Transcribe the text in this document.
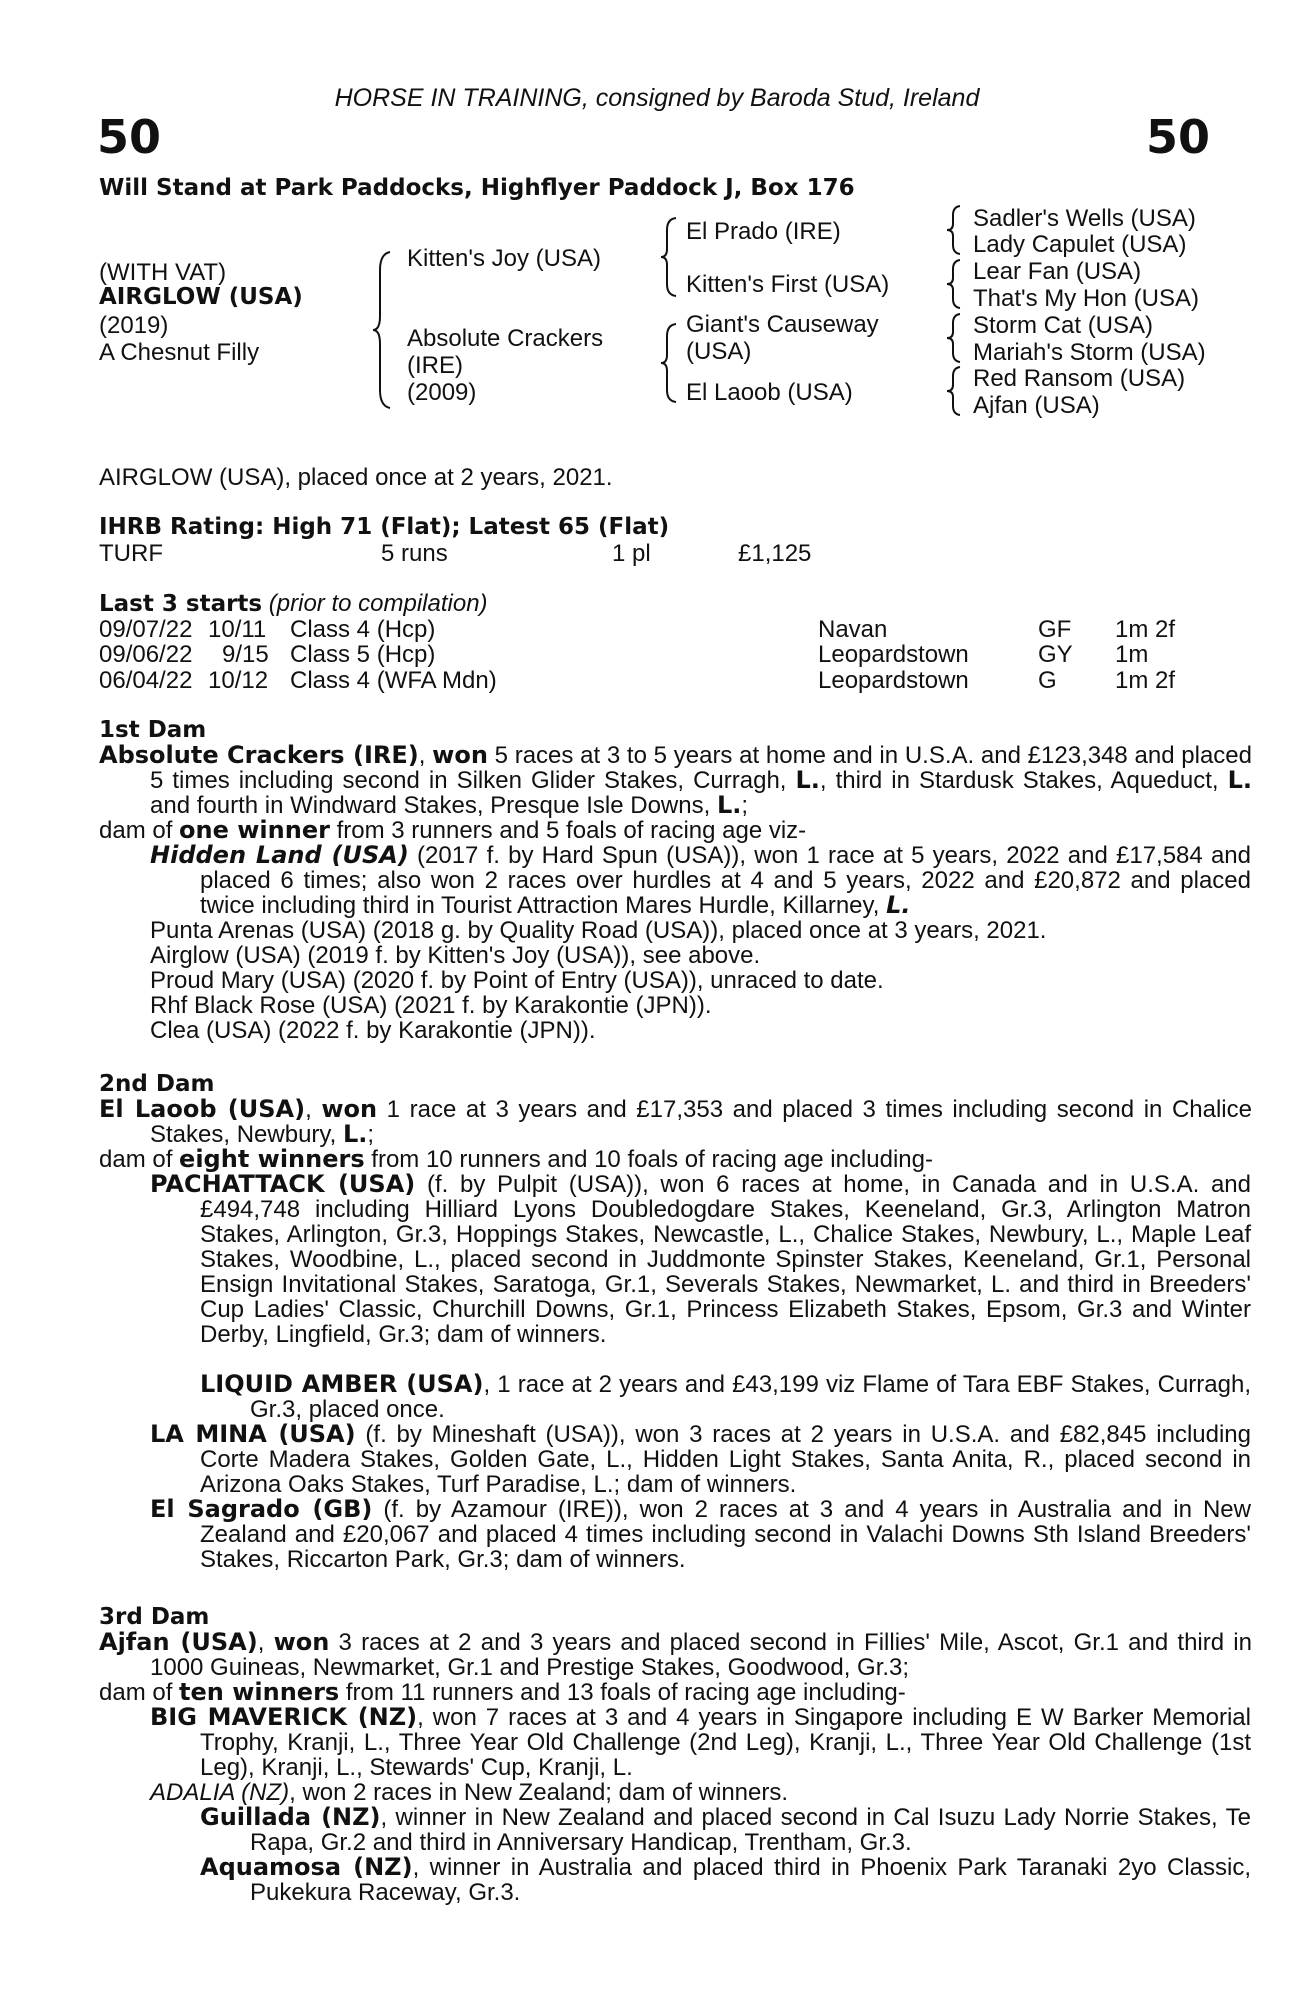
HORSE IN TRAINING, consigned by Baroda Stud, Ireland
50	50
Will Stand at Park Paddocks, Highflyer Paddock J, Box 176
(WITH VAT)
AIRGLOW (USA)
(2019)
A Chesnut Filly
Kitten's Joy (USA)
Absolute Crackers
(IRE)
(2009)
El Prado (IRE)
Kitten's First (USA)
Giant's Causeway
(USA)
El Laoob (USA)
Sadler's Wells (USA)
Lady Capulet (USA)
Lear Fan (USA)
That's My Hon (USA)
Storm Cat (USA)
Mariah's Storm (USA)
Red Ransom (USA)
Ajfan (USA)
AIRGLOW (USA), placed once at 2 years, 2021.
IHRB Rating: High 71 (Flat); Latest 65 (Flat)
TURF	5 runs	1 pl	£1,125
Last 3 starts (prior to compilation)
09/07/22 10/11 Class 4 (Hcp)	Navan	GF 1m 2f
09/06/22 9/15 Class 5 (Hcp)	Leopardstown	GY 1m
06/04/22 10/12 Class 4 (WFA Mdn)	Leopardstown	G 1m 2f
1st Dam
Absolute Crackers (IRE), won 5 races at 3 to 5 years at home and in U.S.A. and £123,348 and placed 5 times including second in Silken Glider Stakes, Curragh, L., third in Stardusk Stakes, Aqueduct, L. and fourth in Windward Stakes, Presque Isle Downs, L.;
dam of one winner from 3 runners and 5 foals of racing age viz-
Hidden Land (USA) (2017 f. by Hard Spun (USA)), won 1 race at 5 years, 2022 and £17,584 and placed 6 times; also won 2 races over hurdles at 4 and 5 years, 2022 and £20,872 and placed twice including third in Tourist Attraction Mares Hurdle, Killarney, L.
Punta Arenas (USA) (2018 g. by Quality Road (USA)), placed once at 3 years, 2021.
Airglow (USA) (2019 f. by Kitten's Joy (USA)), see above.
Proud Mary (USA) (2020 f. by Point of Entry (USA)), unraced to date.
Rhf Black Rose (USA) (2021 f. by Karakontie (JPN)).
Clea (USA) (2022 f. by Karakontie (JPN)).
2nd Dam
El Laoob (USA), won 1 race at 3 years and £17,353 and placed 3 times including second in Chalice Stakes, Newbury, L.;
dam of eight winners from 10 runners and 10 foals of racing age including-
PACHATTACK (USA) (f. by Pulpit (USA)), won 6 races at home, in Canada and in U.S.A. and £494,748 including Hilliard Lyons Doubledogdare Stakes, Keeneland, Gr.3, Arlington Matron Stakes, Arlington, Gr.3, Hoppings Stakes, Newcastle, L., Chalice Stakes, Newbury, L., Maple Leaf Stakes, Woodbine, L., placed second in Juddmonte Spinster Stakes, Keeneland, Gr.1, Personal Ensign Invitational Stakes, Saratoga, Gr.1, Severals Stakes, Newmarket, L. and third in Breeders' Cup Ladies' Classic, Churchill Downs, Gr.1, Princess Elizabeth Stakes, Epsom, Gr.3 and Winter Derby, Lingfield, Gr.3; dam of winners.
LIQUID AMBER (USA), 1 race at 2 years and £43,199 viz Flame of Tara EBF Stakes, Curragh, Gr.3, placed once.
LA MINA (USA) (f. by Mineshaft (USA)), won 3 races at 2 years in U.S.A. and £82,845 including Corte Madera Stakes, Golden Gate, L., Hidden Light Stakes, Santa Anita, R., placed second in Arizona Oaks Stakes, Turf Paradise, L.; dam of winners.
El Sagrado (GB) (f. by Azamour (IRE)), won 2 races at 3 and 4 years in Australia and in New Zealand and £20,067 and placed 4 times including second in Valachi Downs Sth Island Breeders' Stakes, Riccarton Park, Gr.3; dam of winners.
3rd Dam
Ajfan (USA), won 3 races at 2 and 3 years and placed second in Fillies' Mile, Ascot, Gr.1 and third in 1000 Guineas, Newmarket, Gr.1 and Prestige Stakes, Goodwood, Gr.3;
dam of ten winners from 11 runners and 13 foals of racing age including-
BIG MAVERICK (NZ), won 7 races at 3 and 4 years in Singapore including E W Barker Memorial Trophy, Kranji, L., Three Year Old Challenge (2nd Leg), Kranji, L., Three Year Old Challenge (1st Leg), Kranji, L., Stewards' Cup, Kranji, L.
ADALIA (NZ), won 2 races in New Zealand; dam of winners.
Guillada (NZ), winner in New Zealand and placed second in Cal Isuzu Lady Norrie Stakes, Te Rapa, Gr.2 and third in Anniversary Handicap, Trentham, Gr.3.
Aquamosa (NZ), winner in Australia and placed third in Phoenix Park Taranaki 2yo Classic, Pukekura Raceway, Gr.3.
